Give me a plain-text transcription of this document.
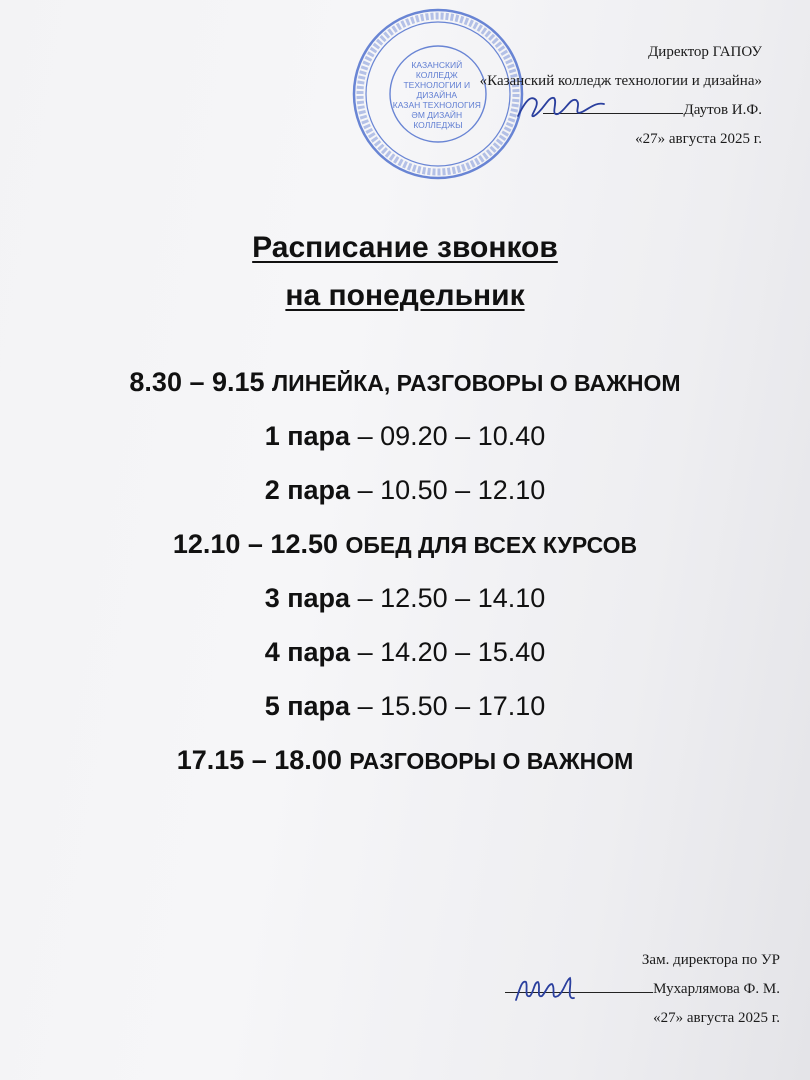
КАЗАНСКИЙ КОЛЛЕДЖ ТЕХНОЛОГИИ И ДИЗАЙНА КАЗАН ТЕХНОЛОГИЯ ӘМ ДИЗАЙН КОЛЛЕДЖЫ
Директор ГАПОУ
«Казанский колледж технологии и дизайна»
Даутов И.Ф.
«27» августа 2025 г.
Расписание звонков
на понедельник
8.30 – 9.15 ЛИНЕЙКА, РАЗГОВОРЫ О ВАЖНОМ
1 пара – 09.20 – 10.40
2 пара – 10.50 – 12.10
12.10 – 12.50 ОБЕД ДЛЯ ВСЕХ КУРСОВ
3 пара – 12.50 – 14.10
4 пара – 14.20 – 15.40
5 пара – 15.50 – 17.10
17.15 – 18.00 РАЗГОВОРЫ О ВАЖНОМ
Зам. директора по УР
Мухарлямова Ф. М.
«27» августа 2025 г.
